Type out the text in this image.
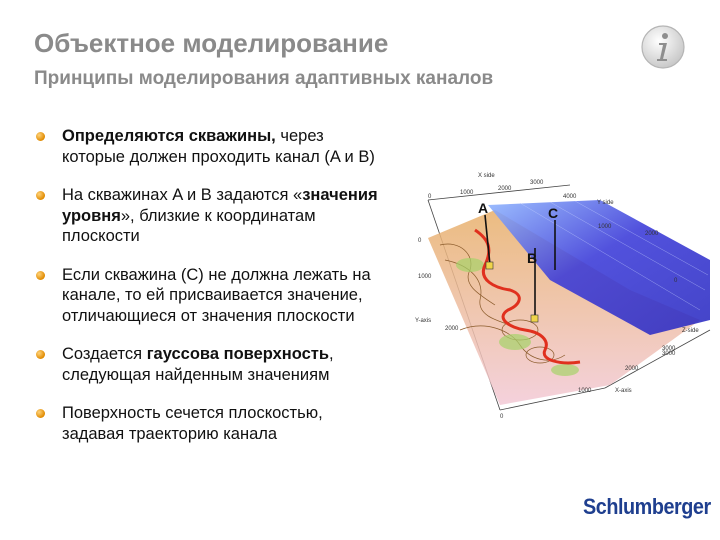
Объектное моделирование
Принципы моделирования адаптивных каналов
Определяются скважины, через которые должен проходить канал (A и B)
На скважинах A и B задаются «значения уровня», близкие к координатам плоскости
Если скважина (C) не должна лежать на канале, то ей присваивается значение, отличающиеся от значения плоскости
Создается гауссова поверхность, следующая найденным значениям
Поверхность сечется плоскостью, задавая траекторию канала
A
B
C
X side
Y side
Y-axis
Z-side
X-axis
1000
2000
3000
4000
0
0
1000
2000
1000
2000
3000
0
0
1000
2000
3000
Schlumberger
